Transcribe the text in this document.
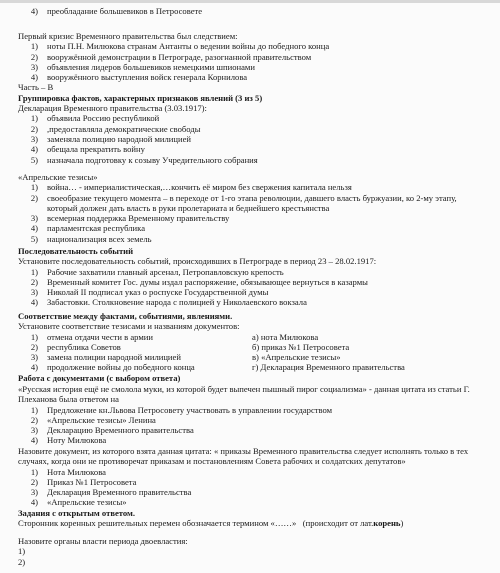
4) преобладание большевиков в Петросовете
Первый кризис Временного правительства был следствием:
1) ноты П.Н. Милюкова странам Антанты о ведении войны до победного конца
2) вооружённой демонстрации в Петрограде, разогнанной правительством
3) объявления лидеров большевиков немецкими шпионами
4) вооружённого выступления войск генерала Корнилова
Часть – В
Группировка фактов, характерных признаков явлений (3 из 5)
Декларация Временного правительства (3.03.1917):
1) объявила Россию республикой
2) ,предоставляла демократические свободы
3) заменяла полицию народной милицией
4) обещала прекратить войну
5) назначала подготовку к созыву Учредительного собрания
«Апрельские тезисы»
1) война… - империалистическая,…кончить её миром без свержения капитала нельзя
2) своеобразие текущего момента – в переходе от 1-го этапа революции, давшего власть буржуазии, ко 2-му этапу,
который должен дать власть в руки пролетариата и беднейшего крестьянства
3) всемерная поддержка Временному правительству
4) парламентская республика
5) национализация всех земель
Последовательность событий
Установите последовательность событий, происходивших в Петрограде в период 23 – 28.02.1917:
1) Рабочие захватили главный арсенал, Петропавловскую крепость
2) Временный комитет Гос. думы издал распоряжение, обязывающее вернуться в казармы
3) Николай II подписал указ о роспуске Государственной думы
4) Забастовки. Столкновение народа с полицией у Николаевского вокзала
Соответствие между фактами, событиями, явлениями.
Установите соответствие тезисами и названиям документов:
1) отмена отдачи чести в армии	а) нота Милюкова
2) республика Советов	б) приказ №1 Петросовета
3) замена полиции народной милицией	в) «Апрельские тезисы»
4) продолжение войны до победного конца	г) Декларация Временного правительства
Работа с документами (с выбором ответа)
«Русская история ещё не смолола муки, из которой будет выпечен пышный пирог социализма» - данная цитата из статьи Г.
Плеханова была ответом на
1) Предложение кн.Львова Петросовету участвовать в управлении государством
2) «Апрельские тезисы» Ленина
3) Декларацию Временного правительства
4) Ноту Милюкова
Назовите документ, из которого взята данная цитата: « приказы Временного правительства следует исполнять только в тех
случаях, когда они не противоречат приказам и постановлениям Совета рабочих и солдатских депутатов»
1) Нота Милюкова
2) Приказ №1 Петросовета
3) Декларация Временного правительства
4) «Апрельские тезисы»
Задания с открытым ответом.
Сторонник коренных решительных перемен обозначается термином «……»   (происходит от лат.корень)
Назовите органы власти периода двоевластия:
1)
2)
